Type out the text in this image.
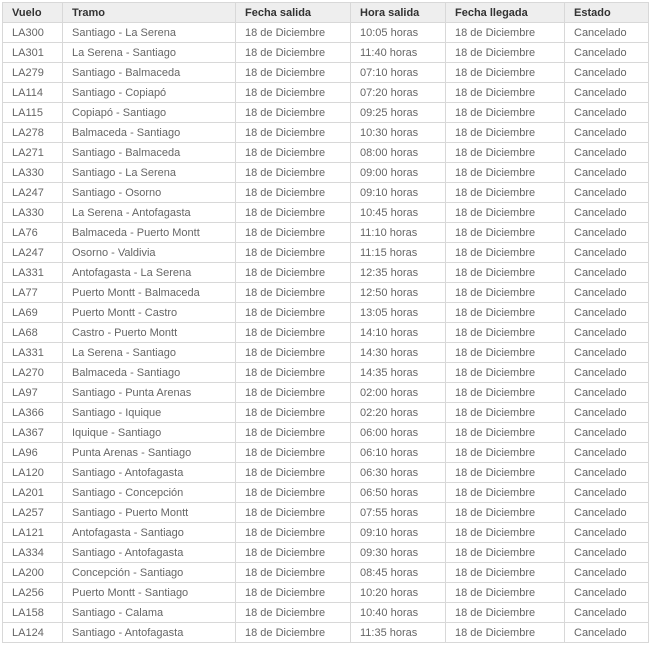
Vuelo	Tramo	Fecha salida	Hora salida	Fecha llegada	Estado
LA300	Santiago - La Serena	18 de Diciembre	10:05 horas	18 de Diciembre	Cancelado
LA301	La Serena - Santiago	18 de Diciembre	11:40 horas	18 de Diciembre	Cancelado
LA279	Santiago - Balmaceda	18 de Diciembre	07:10 horas	18 de Diciembre	Cancelado
LA114	Santiago - Copiapó	18 de Diciembre	07:20 horas	18 de Diciembre	Cancelado
LA115	Copiapó - Santiago	18 de Diciembre	09:25 horas	18 de Diciembre	Cancelado
LA278	Balmaceda - Santiago	18 de Diciembre	10:30 horas	18 de Diciembre	Cancelado
LA271	Santiago - Balmaceda	18 de Diciembre	08:00 horas	18 de Diciembre	Cancelado
LA330	Santiago - La Serena	18 de Diciembre	09:00 horas	18 de Diciembre	Cancelado
LA247	Santiago - Osorno	18 de Diciembre	09:10 horas	18 de Diciembre	Cancelado
LA330	La Serena - Antofagasta	18 de Diciembre	10:45 horas	18 de Diciembre	Cancelado
LA76	Balmaceda - Puerto Montt	18 de Diciembre	11:10 horas	18 de Diciembre	Cancelado
LA247	Osorno - Valdivia	18 de Diciembre	11:15 horas	18 de Diciembre	Cancelado
LA331	Antofagasta - La Serena	18 de Diciembre	12:35 horas	18 de Diciembre	Cancelado
LA77	Puerto Montt - Balmaceda	18 de Diciembre	12:50 horas	18 de Diciembre	Cancelado
LA69	Puerto Montt - Castro	18 de Diciembre	13:05 horas	18 de Diciembre	Cancelado
LA68	Castro - Puerto Montt	18 de Diciembre	14:10 horas	18 de Diciembre	Cancelado
LA331	La Serena - Santiago	18 de Diciembre	14:30 horas	18 de Diciembre	Cancelado
LA270	Balmaceda - Santiago	18 de Diciembre	14:35 horas	18 de Diciembre	Cancelado
LA97	Santiago - Punta Arenas	18 de Diciembre	02:00 horas	18 de Diciembre	Cancelado
LA366	Santiago - Iquique	18 de Diciembre	02:20 horas	18 de Diciembre	Cancelado
LA367	Iquique - Santiago	18 de Diciembre	06:00 horas	18 de Diciembre	Cancelado
LA96	Punta Arenas - Santiago	18 de Diciembre	06:10 horas	18 de Diciembre	Cancelado
LA120	Santiago - Antofagasta	18 de Diciembre	06:30 horas	18 de Diciembre	Cancelado
LA201	Santiago - Concepción	18 de Diciembre	06:50 horas	18 de Diciembre	Cancelado
LA257	Santiago - Puerto Montt	18 de Diciembre	07:55 horas	18 de Diciembre	Cancelado
LA121	Antofagasta - Santiago	18 de Diciembre	09:10 horas	18 de Diciembre	Cancelado
LA334	Santiago - Antofagasta	18 de Diciembre	09:30 horas	18 de Diciembre	Cancelado
LA200	Concepción - Santiago	18 de Diciembre	08:45 horas	18 de Diciembre	Cancelado
LA256	Puerto Montt - Santiago	18 de Diciembre	10:20 horas	18 de Diciembre	Cancelado
LA158	Santiago - Calama	18 de Diciembre	10:40 horas	18 de Diciembre	Cancelado
LA124	Santiago - Antofagasta	18 de Diciembre	11:35 horas	18 de Diciembre	Cancelado
